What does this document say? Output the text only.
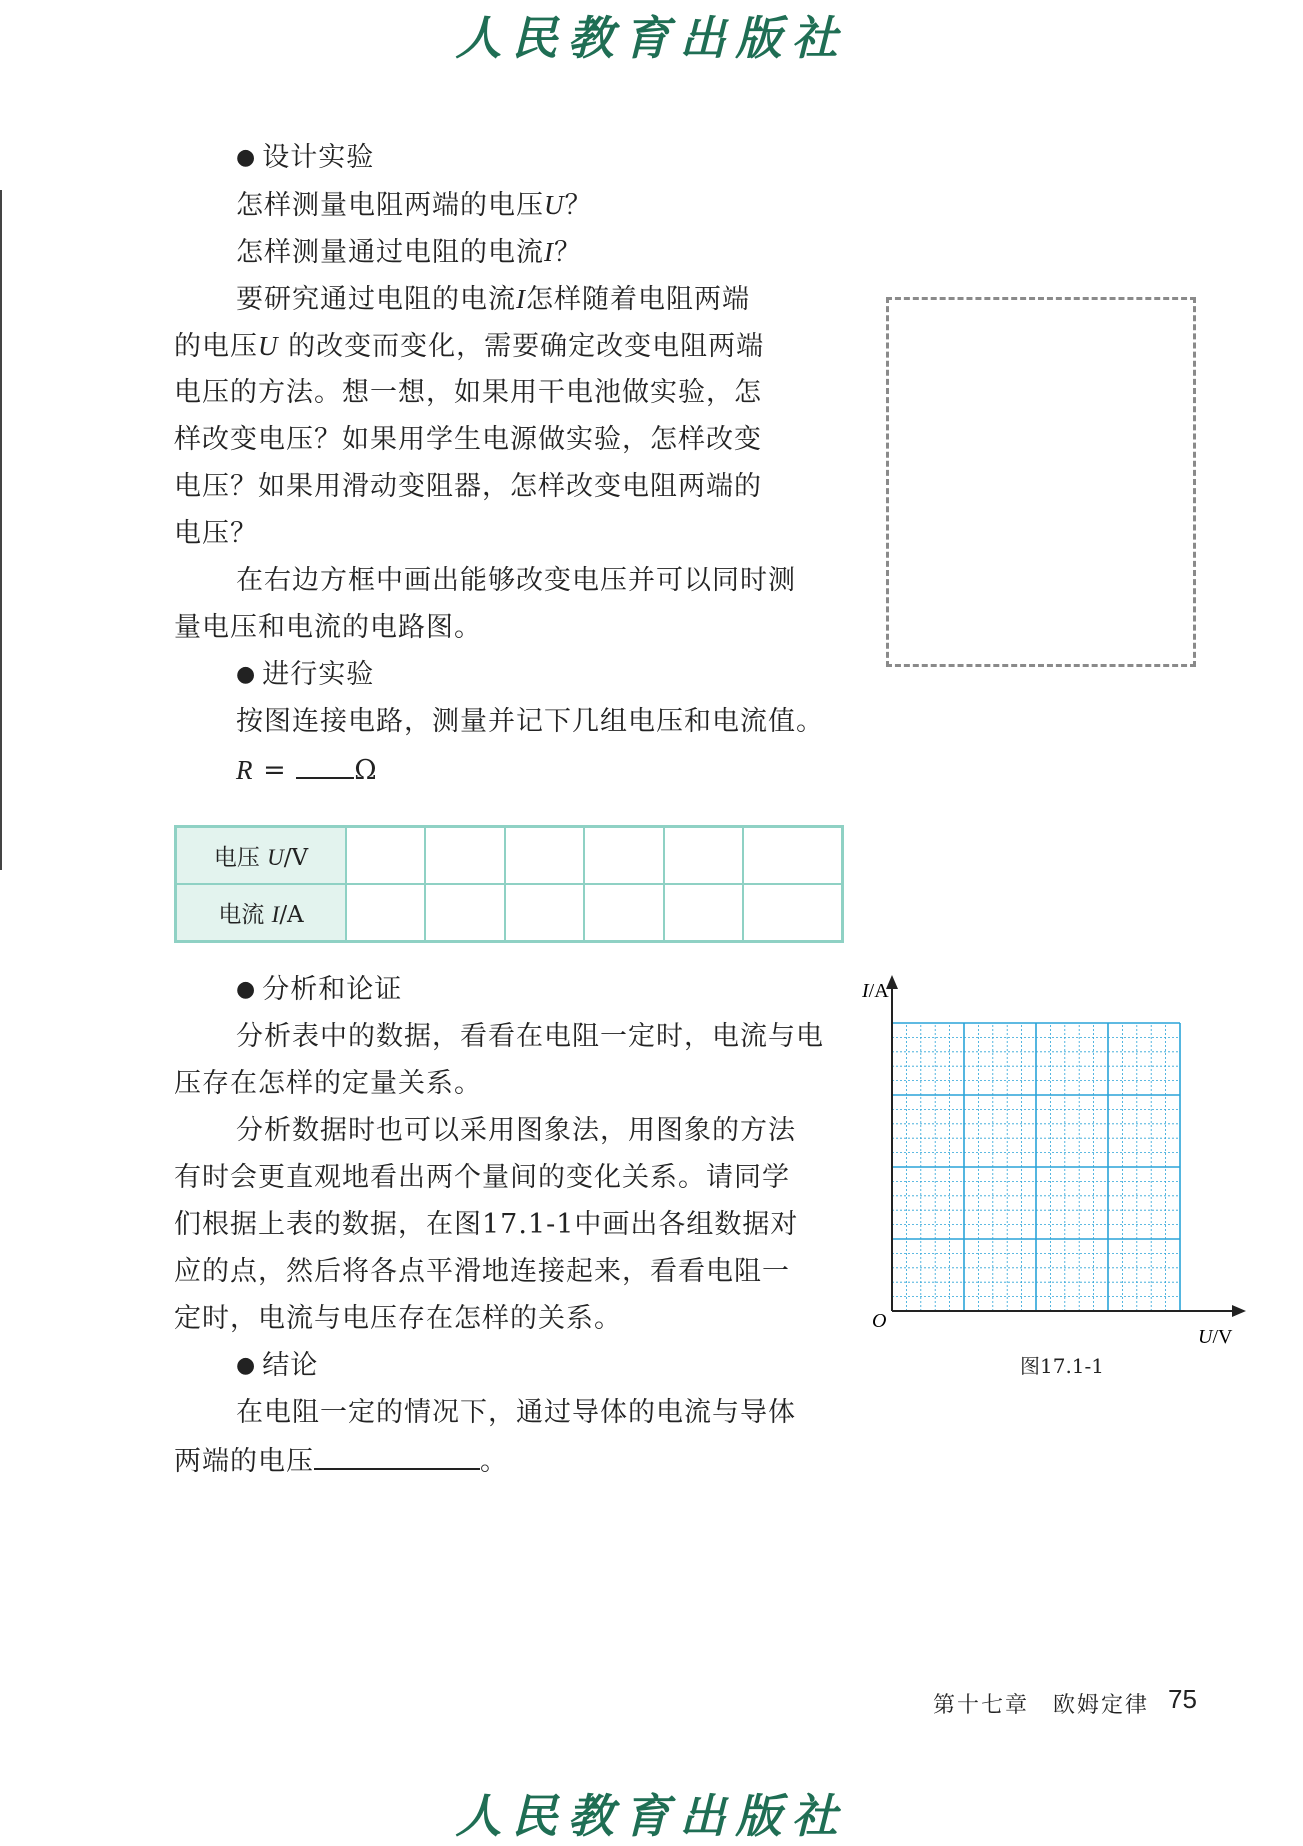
人民教育出版社
● 设计实验
怎样测量电阻两端的电压U？
怎样测量通过电阻的电流I？
要研究通过电阻的电流I怎样随着电阻两端
的电压U 的改变而变化，需要确定改变电阻两端
电压的方法。想一想，如果用干电池做实验，怎
样改变电压？如果用学生电源做实验，怎样改变
电压？如果用滑动变阻器，怎样改变电阻两端的
电压？
在右边方框中画出能够改变电压并可以同时测
量电压和电流的电路图。
● 进行实验
按图连接电路，测量并记下几组电压和电流值。
R = Ω
电压 U/V						
电流 I/A						
● 分析和论证
分析表中的数据，看看在电阻一定时，电流与电
压存在怎样的定量关系。
分析数据时也可以采用图象法，用图象的方法
有时会更直观地看出两个量间的变化关系。请同学
们根据上表的数据，在图17.1-1中画出各组数据对
应的点，然后将各点平滑地连接起来，看看电阻一
定时，电流与电压存在怎样的关系。
● 结论
在电阻一定的情况下，通过导体的电流与导体
两端的电压	。
I/A
O
U/V
图17.1-1
第十七章　欧姆定律 75
人民教育出版社
